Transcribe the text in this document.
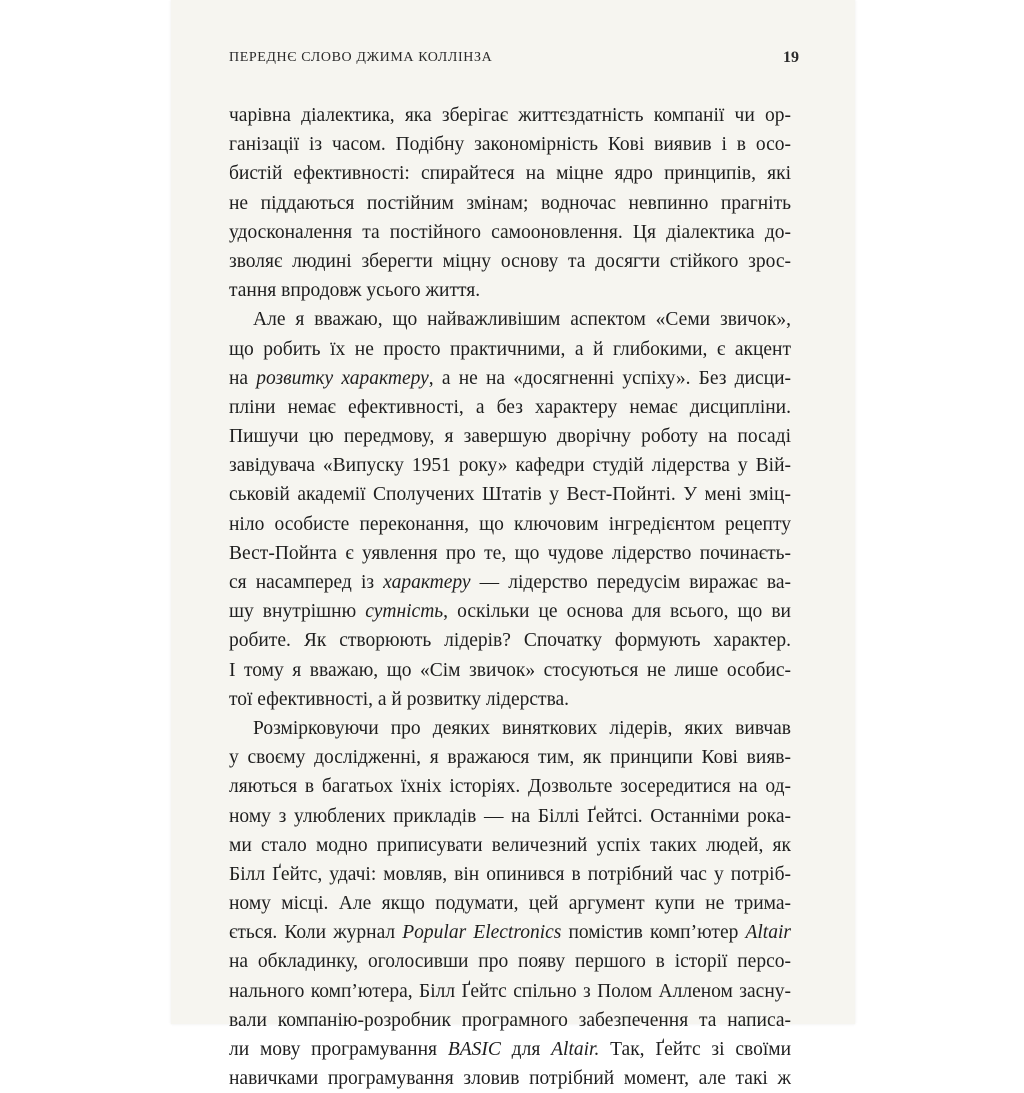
ПЕРЕДНЄ СЛОВО ДЖИМА КОЛЛІНЗА	19
чарівна діалектика, яка зберігає життєздатність компанії чи ор-
ганізації із часом. Подібну закономірність Кові виявив і в осо-
бистій ефективності: спирайтеся на міцне ядро принципів, які
не піддаються постійним змінам; водночас невпинно прагніть
удосконалення та постійного самооновлення. Ця діалектика до-
зволяє людині зберегти міцну основу та досягти стійкого зрос-
тання впродовж усього життя.
Але я вважаю, що найважливішим аспектом «Семи звичок»,
що робить їх не просто практичними, а й глибокими, є акцент
на розвитку характеру, а не на «досягненні успіху». Без дисци-
пліни немає ефективності, а без характеру немає дисципліни.
Пишучи цю передмову, я завершую дворічну роботу на посаді
завідувача «Випуску 1951 року» кафедри студій лідерства у Вій-
ськовій академії Сполучених Штатів у Вест-Пойнті. У мені зміц-
ніло особисте переконання, що ключовим інгредієнтом рецепту
Вест-Пойнта є уявлення про те, що чудове лідерство починаєть-
ся насамперед із характеру — лідерство передусім виражає ва-
шу внутрішню сутність, оскільки це основа для всього, що ви
робите. Як створюють лідерів? Спочатку формують характер.
І тому я вважаю, що «Сім звичок» стосуються не лише особис-
тої ефективності, а й розвитку лідерства.
Розмірковуючи про деяких виняткових лідерів, яких вивчав
у своєму дослідженні, я вражаюся тим, як принципи Кові вияв-
ляються в багатьох їхніх історіях. Дозвольте зосередитися на од-
ному з улюблених прикладів — на Біллі Ґейтсі. Останніми рока-
ми стало модно приписувати величезний успіх таких людей, як
Білл Ґейтс, удачі: мовляв, він опинився в потрібний час у потріб-
ному місці. Але якщо подумати, цей аргумент купи не трима-
ється. Коли журнал Popular Electronics помістив комп’ютер Altair
на обкладинку, оголосивши про появу першого в історії персо-
нального комп’ютера, Білл Ґейтс спільно з Полом Алленом засну-
вали компанію-розробник програмного забезпечення та написа-
ли мову програмування BASIC для Altair. Так, Ґейтс зі своїми
навичками програмування зловив потрібний момент, але такі ж
